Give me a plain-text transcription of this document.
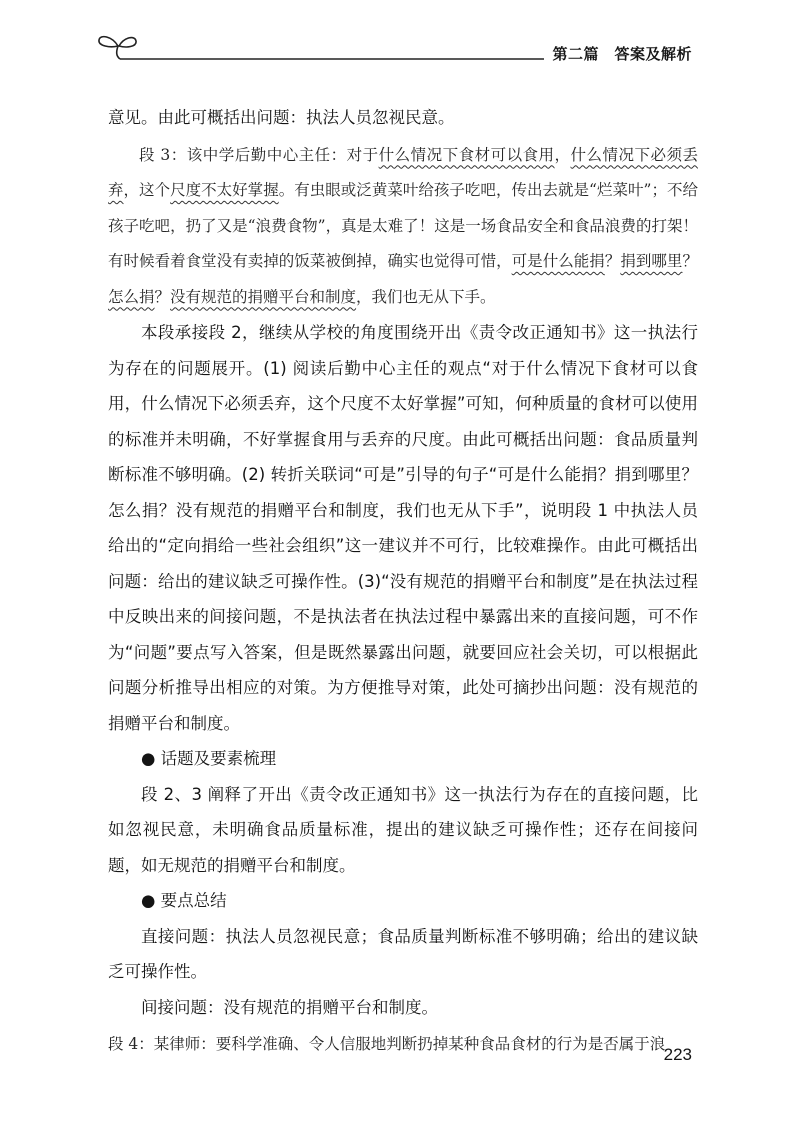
第二篇　答案及解析

意见。由此可概括出问题：执法人员忽视民意。

段 3：该中学后勤中心主任：对于什么情况下食材可以食用，什么情况下必须丢弃，这个尺度不太好掌握。有虫眼或泛黄菜叶给孩子吃吧，传出去就是“烂菜叶”；不给孩子吃吧，扔了又是“浪费食物”，真是太难了！这是一场食品安全和食品浪费的打架！有时候看着食堂没有卖掉的饭菜被倒掉，确实也觉得可惜，可是什么能捐？捐到哪里？怎么捐？没有规范的捐赠平台和制度，我们也无从下手。

本段承接段 2，继续从学校的角度围绕开出《责令改正通知书》这一执法行为存在的问题展开。(1) 阅读后勤中心主任的观点“对于什么情况下食材可以食用，什么情况下必须丢弃，这个尺度不太好掌握”可知，何种质量的食材可以使用的标准并未明确，不好掌握食用与丢弃的尺度。由此可概括出问题：食品质量判断标准不够明确。(2) 转折关联词“可是”引导的句子“可是什么能捐？捐到哪里？怎么捐？没有规范的捐赠平台和制度，我们也无从下手”，说明段 1 中执法人员给出的“定向捐给一些社会组织”这一建议并不可行，比较难操作。由此可概括出问题：给出的建议缺乏可操作性。(3)“没有规范的捐赠平台和制度”是在执法过程中反映出来的间接问题，不是执法者在执法过程中暴露出来的直接问题，可不作为“问题”要点写入答案，但是既然暴露出问题，就要回应社会关切，可以根据此问题分析推导出相应的对策。为方便推导对策，此处可摘抄出问题：没有规范的捐赠平台和制度。

● 话题及要素梳理

段 2、3 阐释了开出《责令改正通知书》这一执法行为存在的直接问题，比如忽视民意，未明确食品质量标准，提出的建议缺乏可操作性；还存在间接问题，如无规范的捐赠平台和制度。

● 要点总结

直接问题：执法人员忽视民意；食品质量判断标准不够明确；给出的建议缺乏可操作性。

间接问题：没有规范的捐赠平台和制度。

段 4：某律师：要科学准确、令人信服地判断扔掉某种食品食材的行为是否属于浪

223
